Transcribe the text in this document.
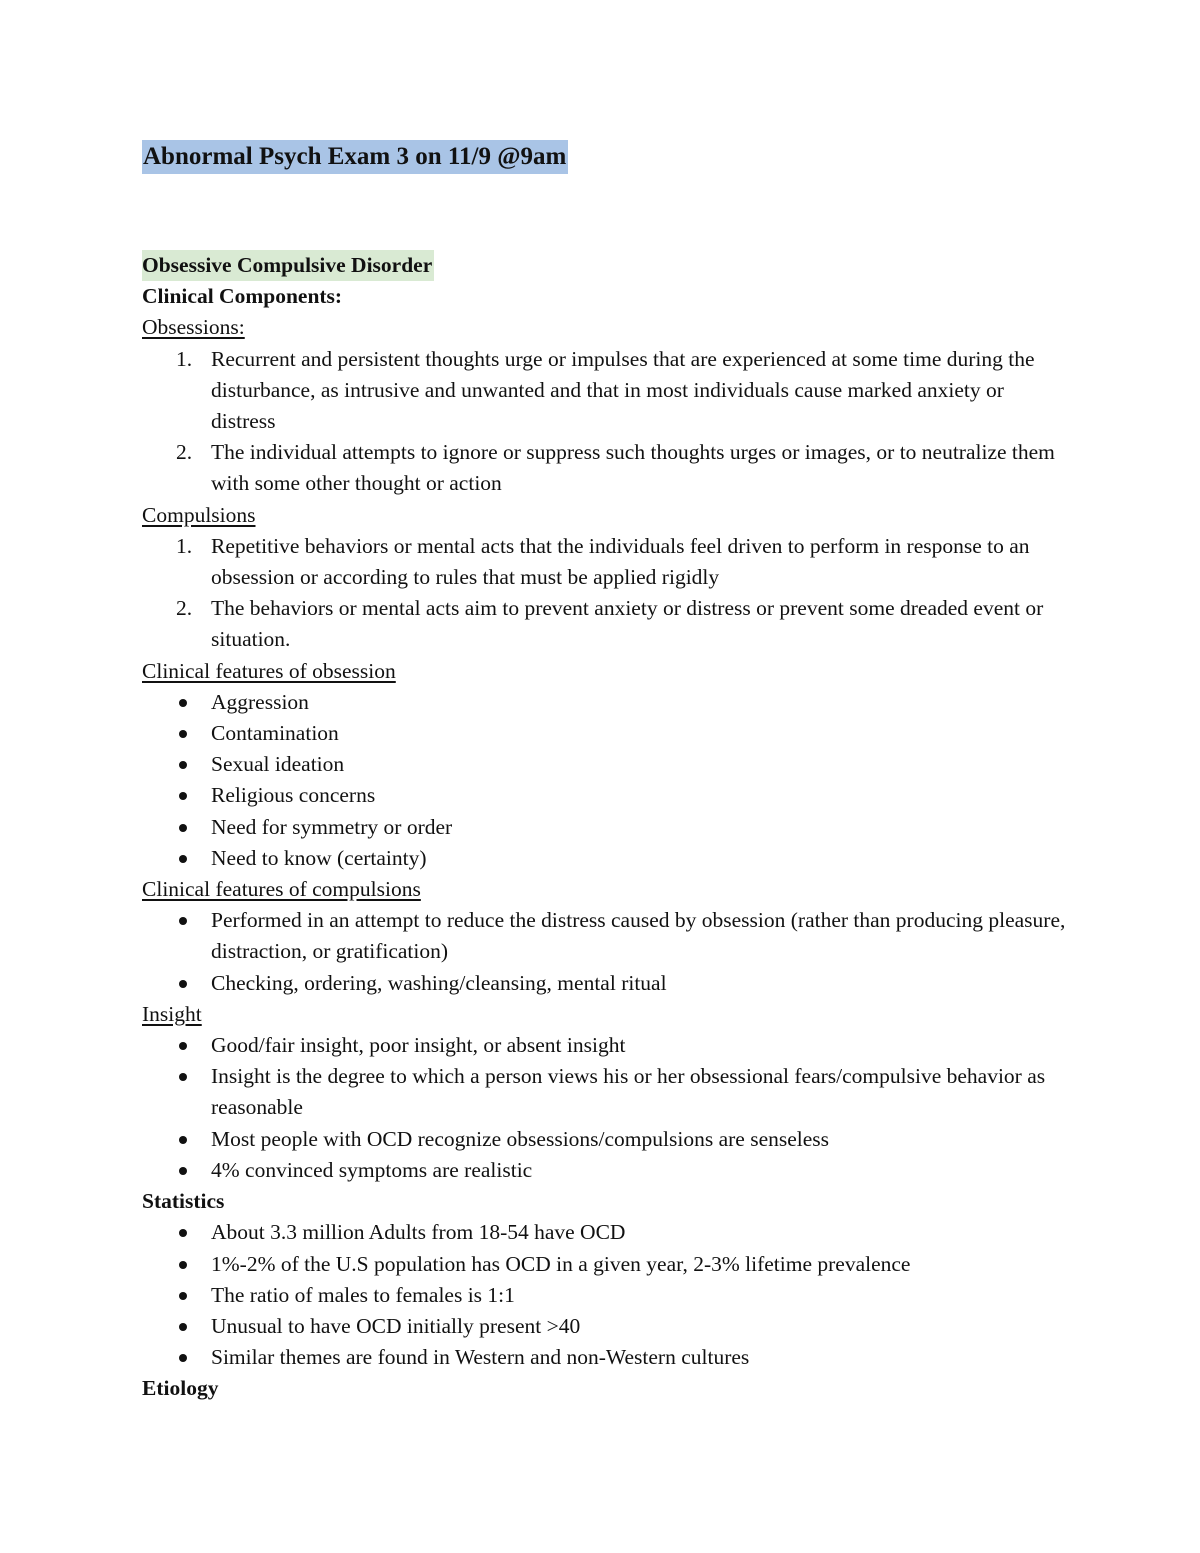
Abnormal Psych Exam 3 on 11/9 @9am
Obsessive Compulsive Disorder
Clinical Components:
Obsessions:
1. Recurrent and persistent thoughts urge or impulses that are experienced at some time during the disturbance, as intrusive and unwanted and that in most individuals cause marked anxiety or distress
2. The individual attempts to ignore or suppress such thoughts urges or images, or to neutralize them with some other thought or action
Compulsions
1. Repetitive behaviors or mental acts that the individuals feel driven to perform in response to an obsession or according to rules that must be applied rigidly
2. The behaviors or mental acts aim to prevent anxiety or distress or prevent some dreaded event or situation.
Clinical features of obsession
Aggression
Contamination
Sexual ideation
Religious concerns
Need for symmetry or order
Need to know (certainty)
Clinical features of compulsions
Performed in an attempt to reduce the distress caused by obsession (rather than producing pleasure, distraction, or gratification)
Checking, ordering, washing/cleansing, mental ritual
Insight
Good/fair insight, poor insight, or absent insight
Insight is the degree to which a person views his or her obsessional fears/compulsive behavior as reasonable
Most people with OCD recognize obsessions/compulsions are senseless
4% convinced symptoms are realistic
Statistics
About 3.3 million Adults from 18-54 have OCD
1%-2% of the U.S population has OCD in a given year, 2-3% lifetime prevalence
The ratio of males to females is 1:1
Unusual to have OCD initially present >40
Similar themes are found in Western and non-Western cultures
Etiology
